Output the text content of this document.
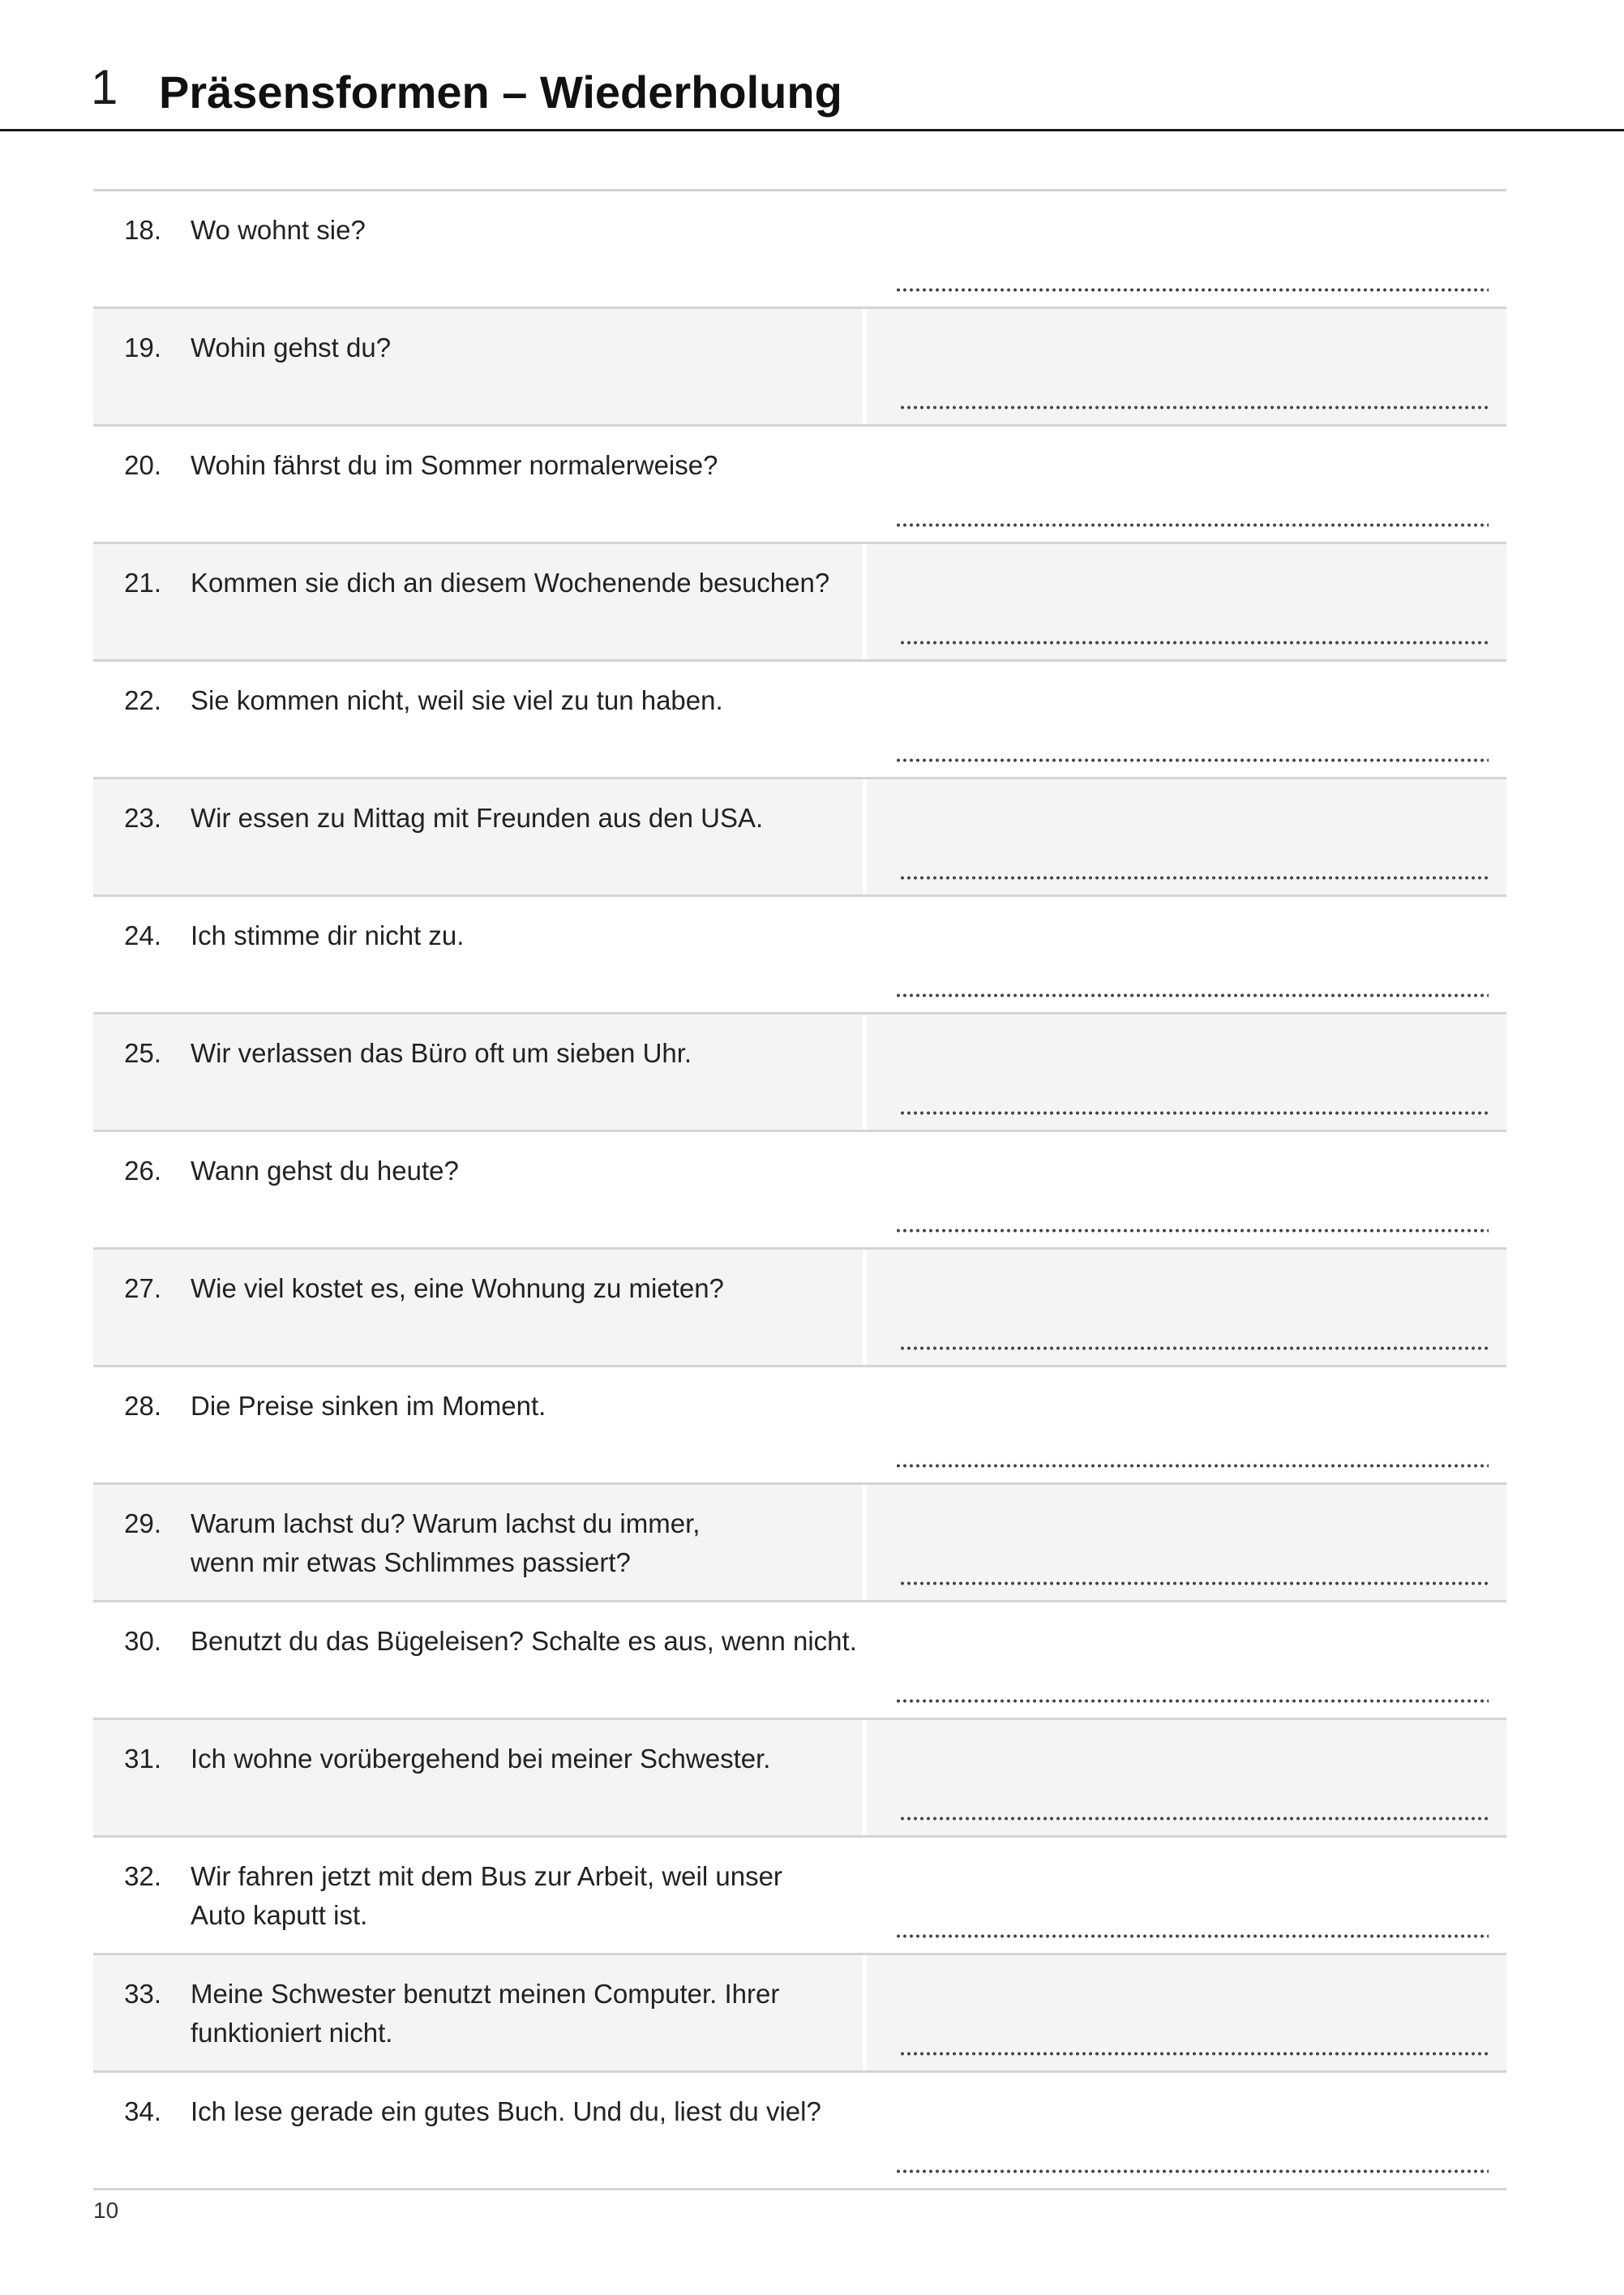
1 Präsensformen – Wiederholung
18. Wo wohnt sie?
19. Wohin gehst du?
20. Wohin fährst du im Sommer normalerweise?
21. Kommen sie dich an diesem Wochenende besuchen?
22. Sie kommen nicht, weil sie viel zu tun haben.
23. Wir essen zu Mittag mit Freunden aus den USA.
24. Ich stimme dir nicht zu.
25. Wir verlassen das Büro oft um sieben Uhr.
26. Wann gehst du heute?
27. Wie viel kostet es, eine Wohnung zu mieten?
28. Die Preise sinken im Moment.
29. Warum lachst du? Warum lachst du immer,
wenn mir etwas Schlimmes passiert?
30. Benutzt du das Bügeleisen? Schalte es aus, wenn nicht.
31. Ich wohne vorübergehend bei meiner Schwester.
32. Wir fahren jetzt mit dem Bus zur Arbeit, weil unser
Auto kaputt ist.
33. Meine Schwester benutzt meinen Computer. Ihrer
funktioniert nicht.
34. Ich lese gerade ein gutes Buch. Und du, liest du viel?
10
